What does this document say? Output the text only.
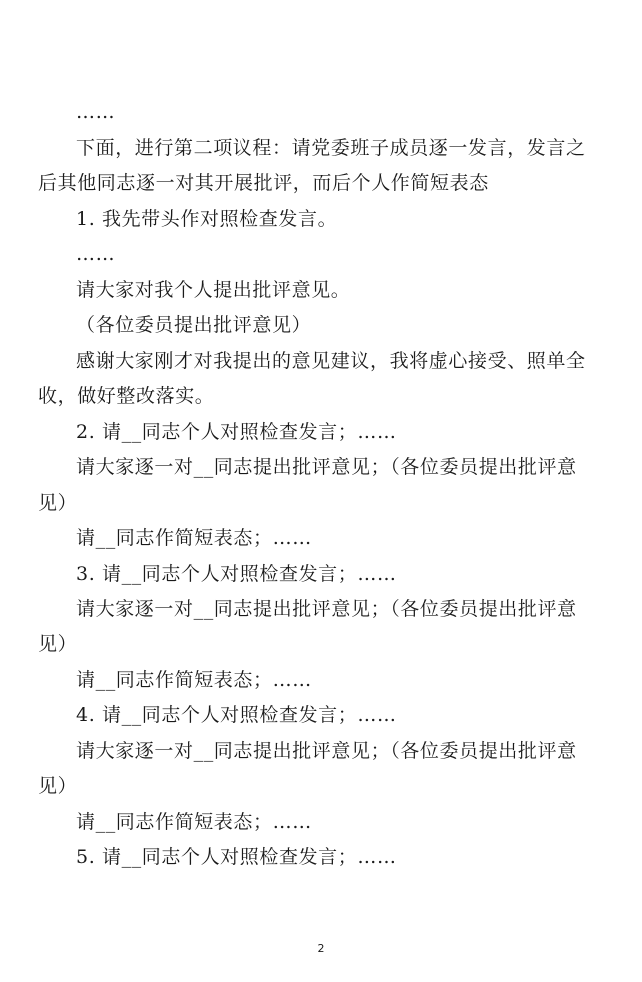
……
下面，进行第二项议程：请党委班子成员逐一发言，发言之
后其他同志逐一对其开展批评，而后个人作简短表态
1. 我先带头作对照检查发言。
……
请大家对我个人提出批评意见。
（各位委员提出批评意见）
感谢大家刚才对我提出的意见建议，我将虚心接受、照单全
收，做好整改落实。
2. 请__同志个人对照检查发言；……
请大家逐一对__同志提出批评意见；（各位委员提出批评意
见）
请__同志作简短表态；……
3. 请__同志个人对照检查发言；……
请大家逐一对__同志提出批评意见；（各位委员提出批评意
见）
请__同志作简短表态；……
4. 请__同志个人对照检查发言；……
请大家逐一对__同志提出批评意见；（各位委员提出批评意
见）
请__同志作简短表态；……
5. 请__同志个人对照检查发言；……
2
